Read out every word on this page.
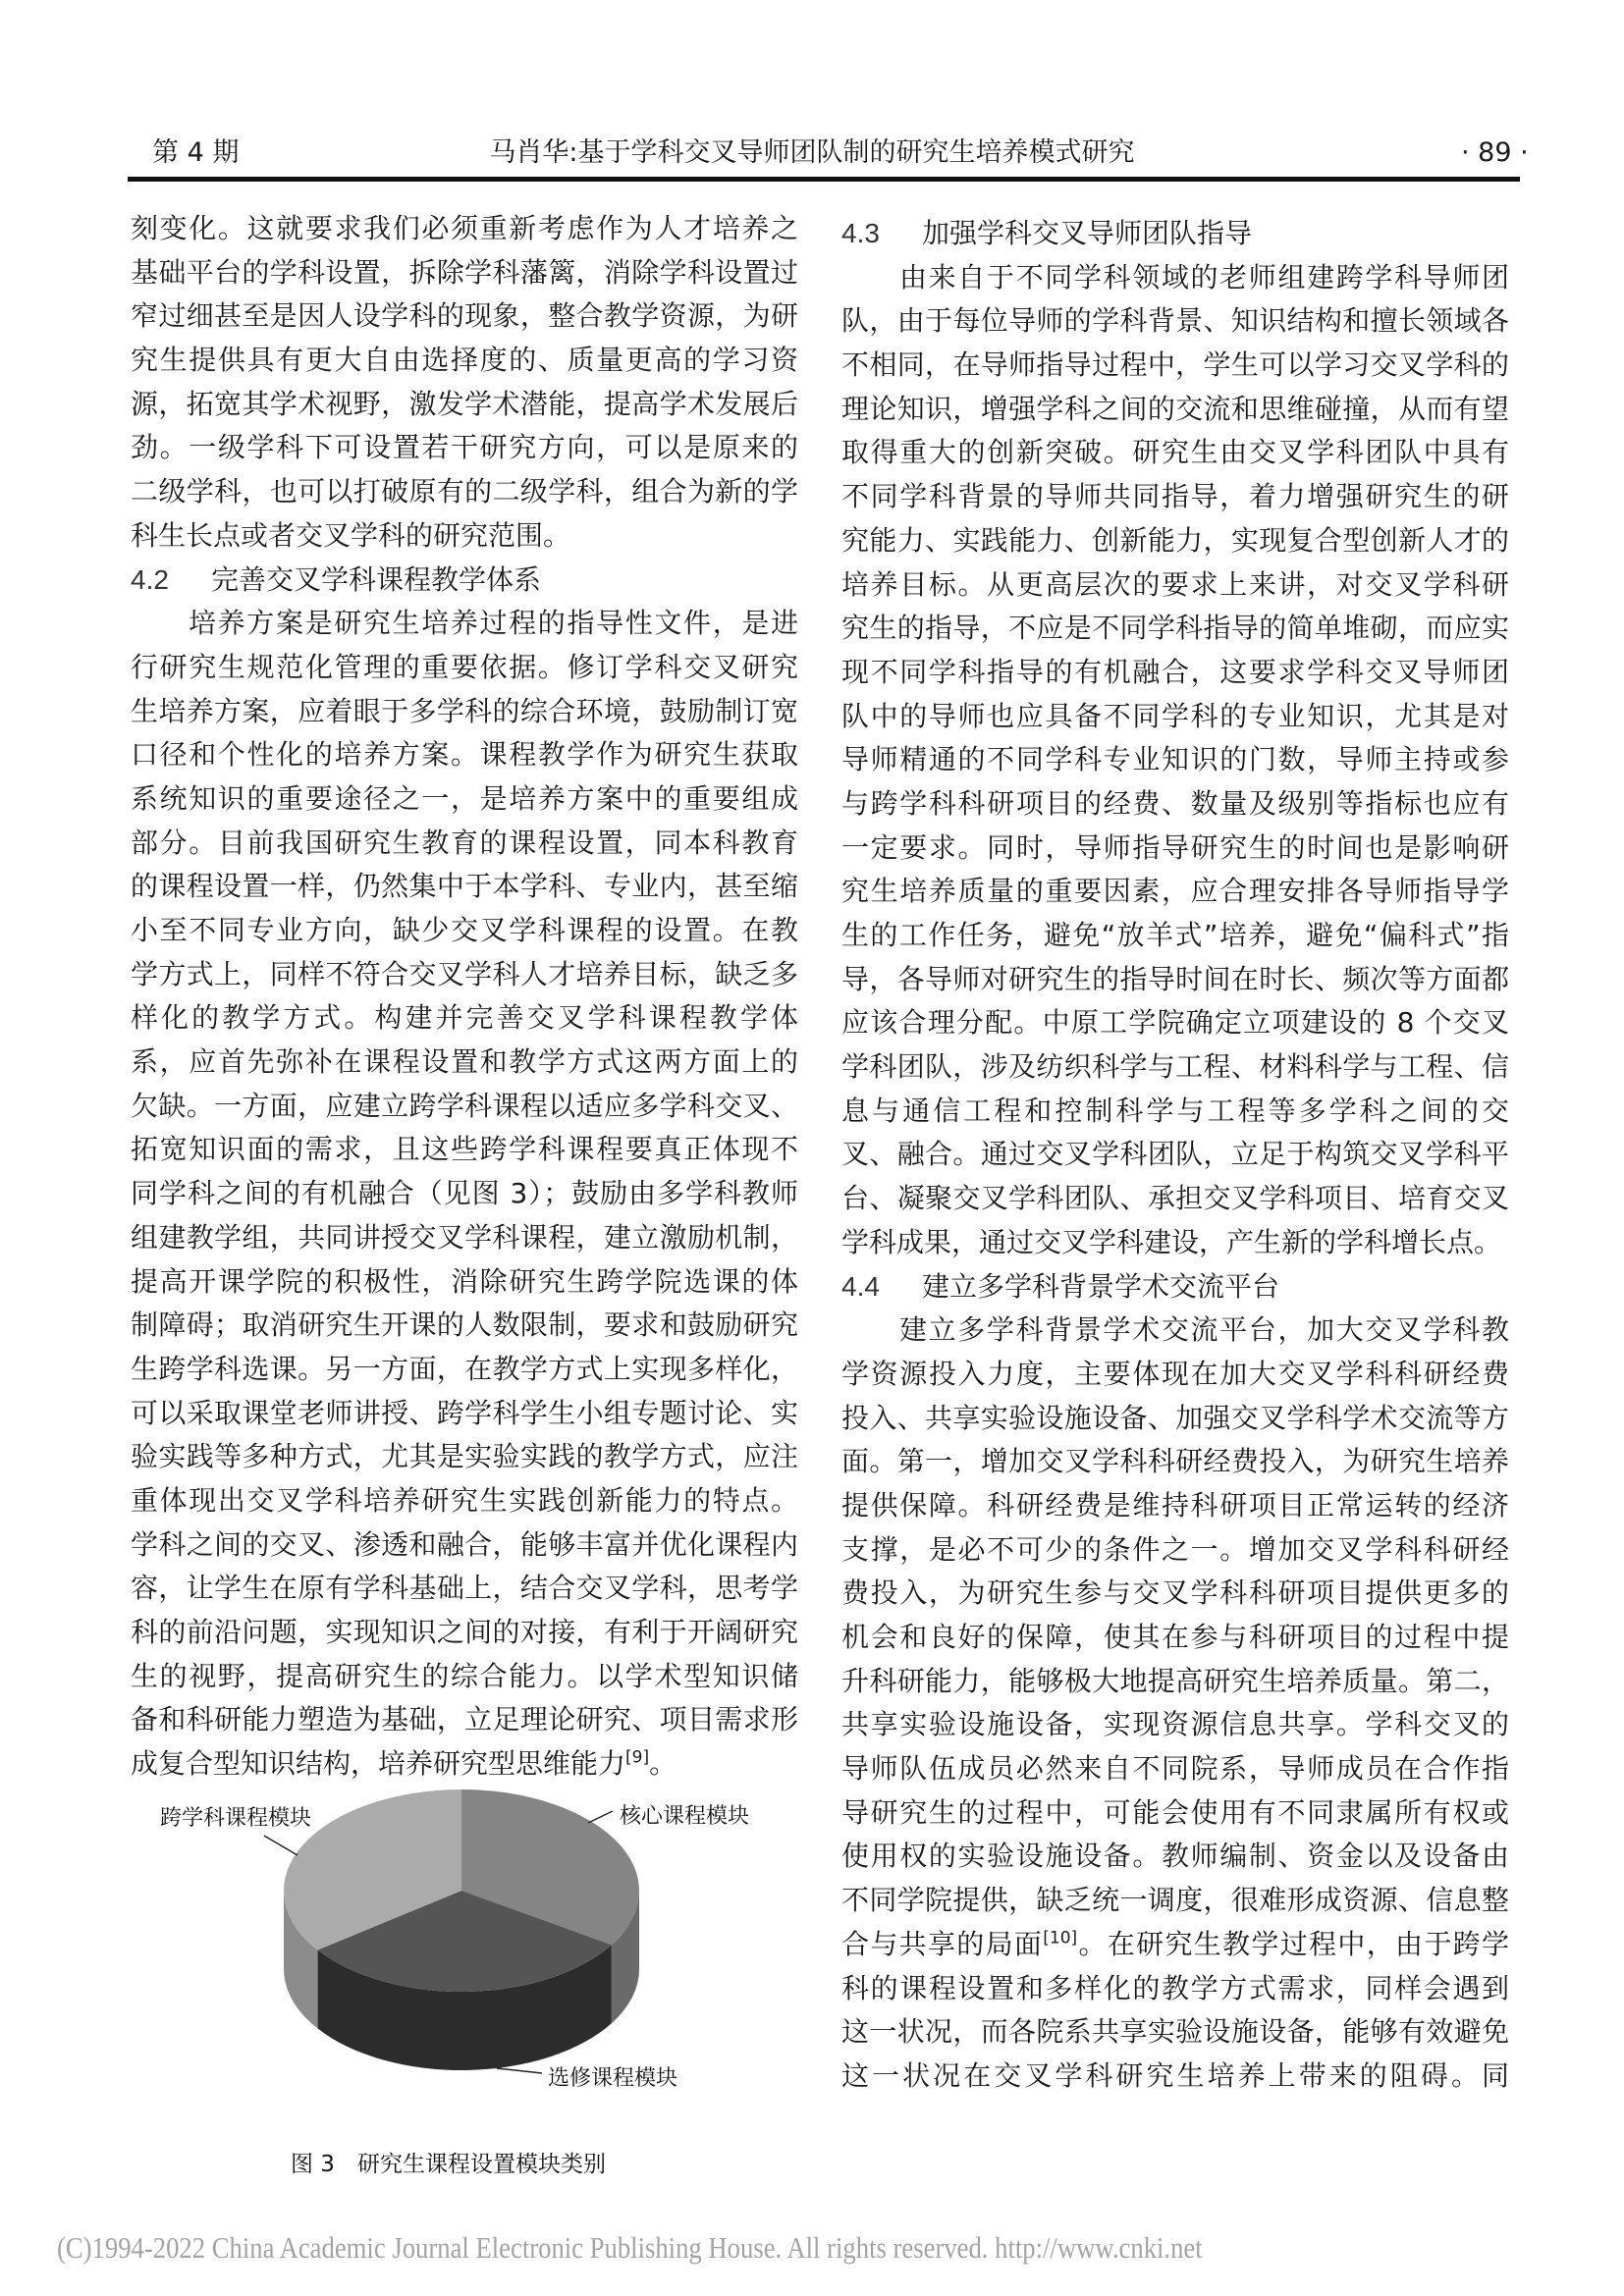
第 4 期	马肖华:基于学科交叉导师团队制的研究生培养模式研究	· 89 ·
刻变化。这就要求我们必须重新考虑作为人才培养之
基础平台的学科设置，拆除学科藩篱，消除学科设置过
窄过细甚至是因人设学科的现象，整合教学资源，为研
究生提供具有更大自由选择度的、质量更高的学习资
源，拓宽其学术视野，激发学术潜能，提高学术发展后
劲。一级学科下可设置若干研究方向，可以是原来的
二级学科，也可以打破原有的二级学科，组合为新的学
科生长点或者交叉学科的研究范围。
4.2 完善交叉学科课程教学体系
培养方案是研究生培养过程的指导性文件，是进
行研究生规范化管理的重要依据。修订学科交叉研究
生培养方案，应着眼于多学科的综合环境，鼓励制订宽
口径和个性化的培养方案。课程教学作为研究生获取
系统知识的重要途径之一，是培养方案中的重要组成
部分。目前我国研究生教育的课程设置，同本科教育
的课程设置一样，仍然集中于本学科、专业内，甚至缩
小至不同专业方向，缺少交叉学科课程的设置。在教
学方式上，同样不符合交叉学科人才培养目标，缺乏多
样化的教学方式。构建并完善交叉学科课程教学体
系，应首先弥补在课程设置和教学方式这两方面上的
欠缺。一方面，应建立跨学科课程以适应多学科交叉、
拓宽知识面的需求，且这些跨学科课程要真正体现不
同学科之间的有机融合（见图 3）；鼓励由多学科教师
组建教学组，共同讲授交叉学科课程，建立激励机制，
提高开课学院的积极性，消除研究生跨学院选课的体
制障碍；取消研究生开课的人数限制，要求和鼓励研究
生跨学科选课。另一方面，在教学方式上实现多样化，
可以采取课堂老师讲授、跨学科学生小组专题讨论、实
验实践等多种方式，尤其是实验实践的教学方式，应注
重体现出交叉学科培养研究生实践创新能力的特点。
学科之间的交叉、渗透和融合，能够丰富并优化课程内
容，让学生在原有学科基础上，结合交叉学科，思考学
科的前沿问题，实现知识之间的对接，有利于开阔研究
生的视野，提高研究生的综合能力。以学术型知识储
备和科研能力塑造为基础，立足理论研究、项目需求形
成复合型知识结构，培养研究型思维能力[9]。
4.3 加强学科交叉导师团队指导
由来自于不同学科领域的老师组建跨学科导师团
队，由于每位导师的学科背景、知识结构和擅长领域各
不相同，在导师指导过程中，学生可以学习交叉学科的
理论知识，增强学科之间的交流和思维碰撞，从而有望
取得重大的创新突破。研究生由交叉学科团队中具有
不同学科背景的导师共同指导，着力增强研究生的研
究能力、实践能力、创新能力，实现复合型创新人才的
培养目标。从更高层次的要求上来讲，对交叉学科研
究生的指导，不应是不同学科指导的简单堆砌，而应实
现不同学科指导的有机融合，这要求学科交叉导师团
队中的导师也应具备不同学科的专业知识，尤其是对
导师精通的不同学科专业知识的门数，导师主持或参
与跨学科科研项目的经费、数量及级别等指标也应有
一定要求。同时，导师指导研究生的时间也是影响研
究生培养质量的重要因素，应合理安排各导师指导学
生的工作任务，避免“放羊式”培养，避免“偏科式”指
导，各导师对研究生的指导时间在时长、频次等方面都
应该合理分配。中原工学院确定立项建设的 8 个交叉
学科团队，涉及纺织科学与工程、材料科学与工程、信
息与通信工程和控制科学与工程等多学科之间的交
叉、融合。通过交叉学科团队，立足于构筑交叉学科平
台、凝聚交叉学科团队、承担交叉学科项目、培育交叉
学科成果，通过交叉学科建设，产生新的学科增长点。
4.4 建立多学科背景学术交流平台
建立多学科背景学术交流平台，加大交叉学科教
学资源投入力度，主要体现在加大交叉学科科研经费
投入、共享实验设施设备、加强交叉学科学术交流等方
面。第一，增加交叉学科科研经费投入，为研究生培养
提供保障。科研经费是维持科研项目正常运转的经济
支撑，是必不可少的条件之一。增加交叉学科科研经
费投入，为研究生参与交叉学科科研项目提供更多的
机会和良好的保障，使其在参与科研项目的过程中提
升科研能力，能够极大地提高研究生培养质量。第二，
共享实验设施设备，实现资源信息共享。学科交叉的
导师队伍成员必然来自不同院系，导师成员在合作指
导研究生的过程中，可能会使用有不同隶属所有权或
使用权的实验设施设备。教师编制、资金以及设备由
不同学院提供，缺乏统一调度，很难形成资源、信息整
合与共享的局面[10]。在研究生教学过程中，由于跨学
科的课程设置和多样化的教学方式需求，同样会遇到
这一状况，而各院系共享实验设施设备，能够有效避免
这一状况在交叉学科研究生培养上带来的阻碍。同
跨学科课程模块	核心课程模块
选修课程模块
图 3　研究生课程设置模块类别
(C)1994-2022 China Academic Journal Electronic Publishing House. All rights reserved. http://www.cnki.net
